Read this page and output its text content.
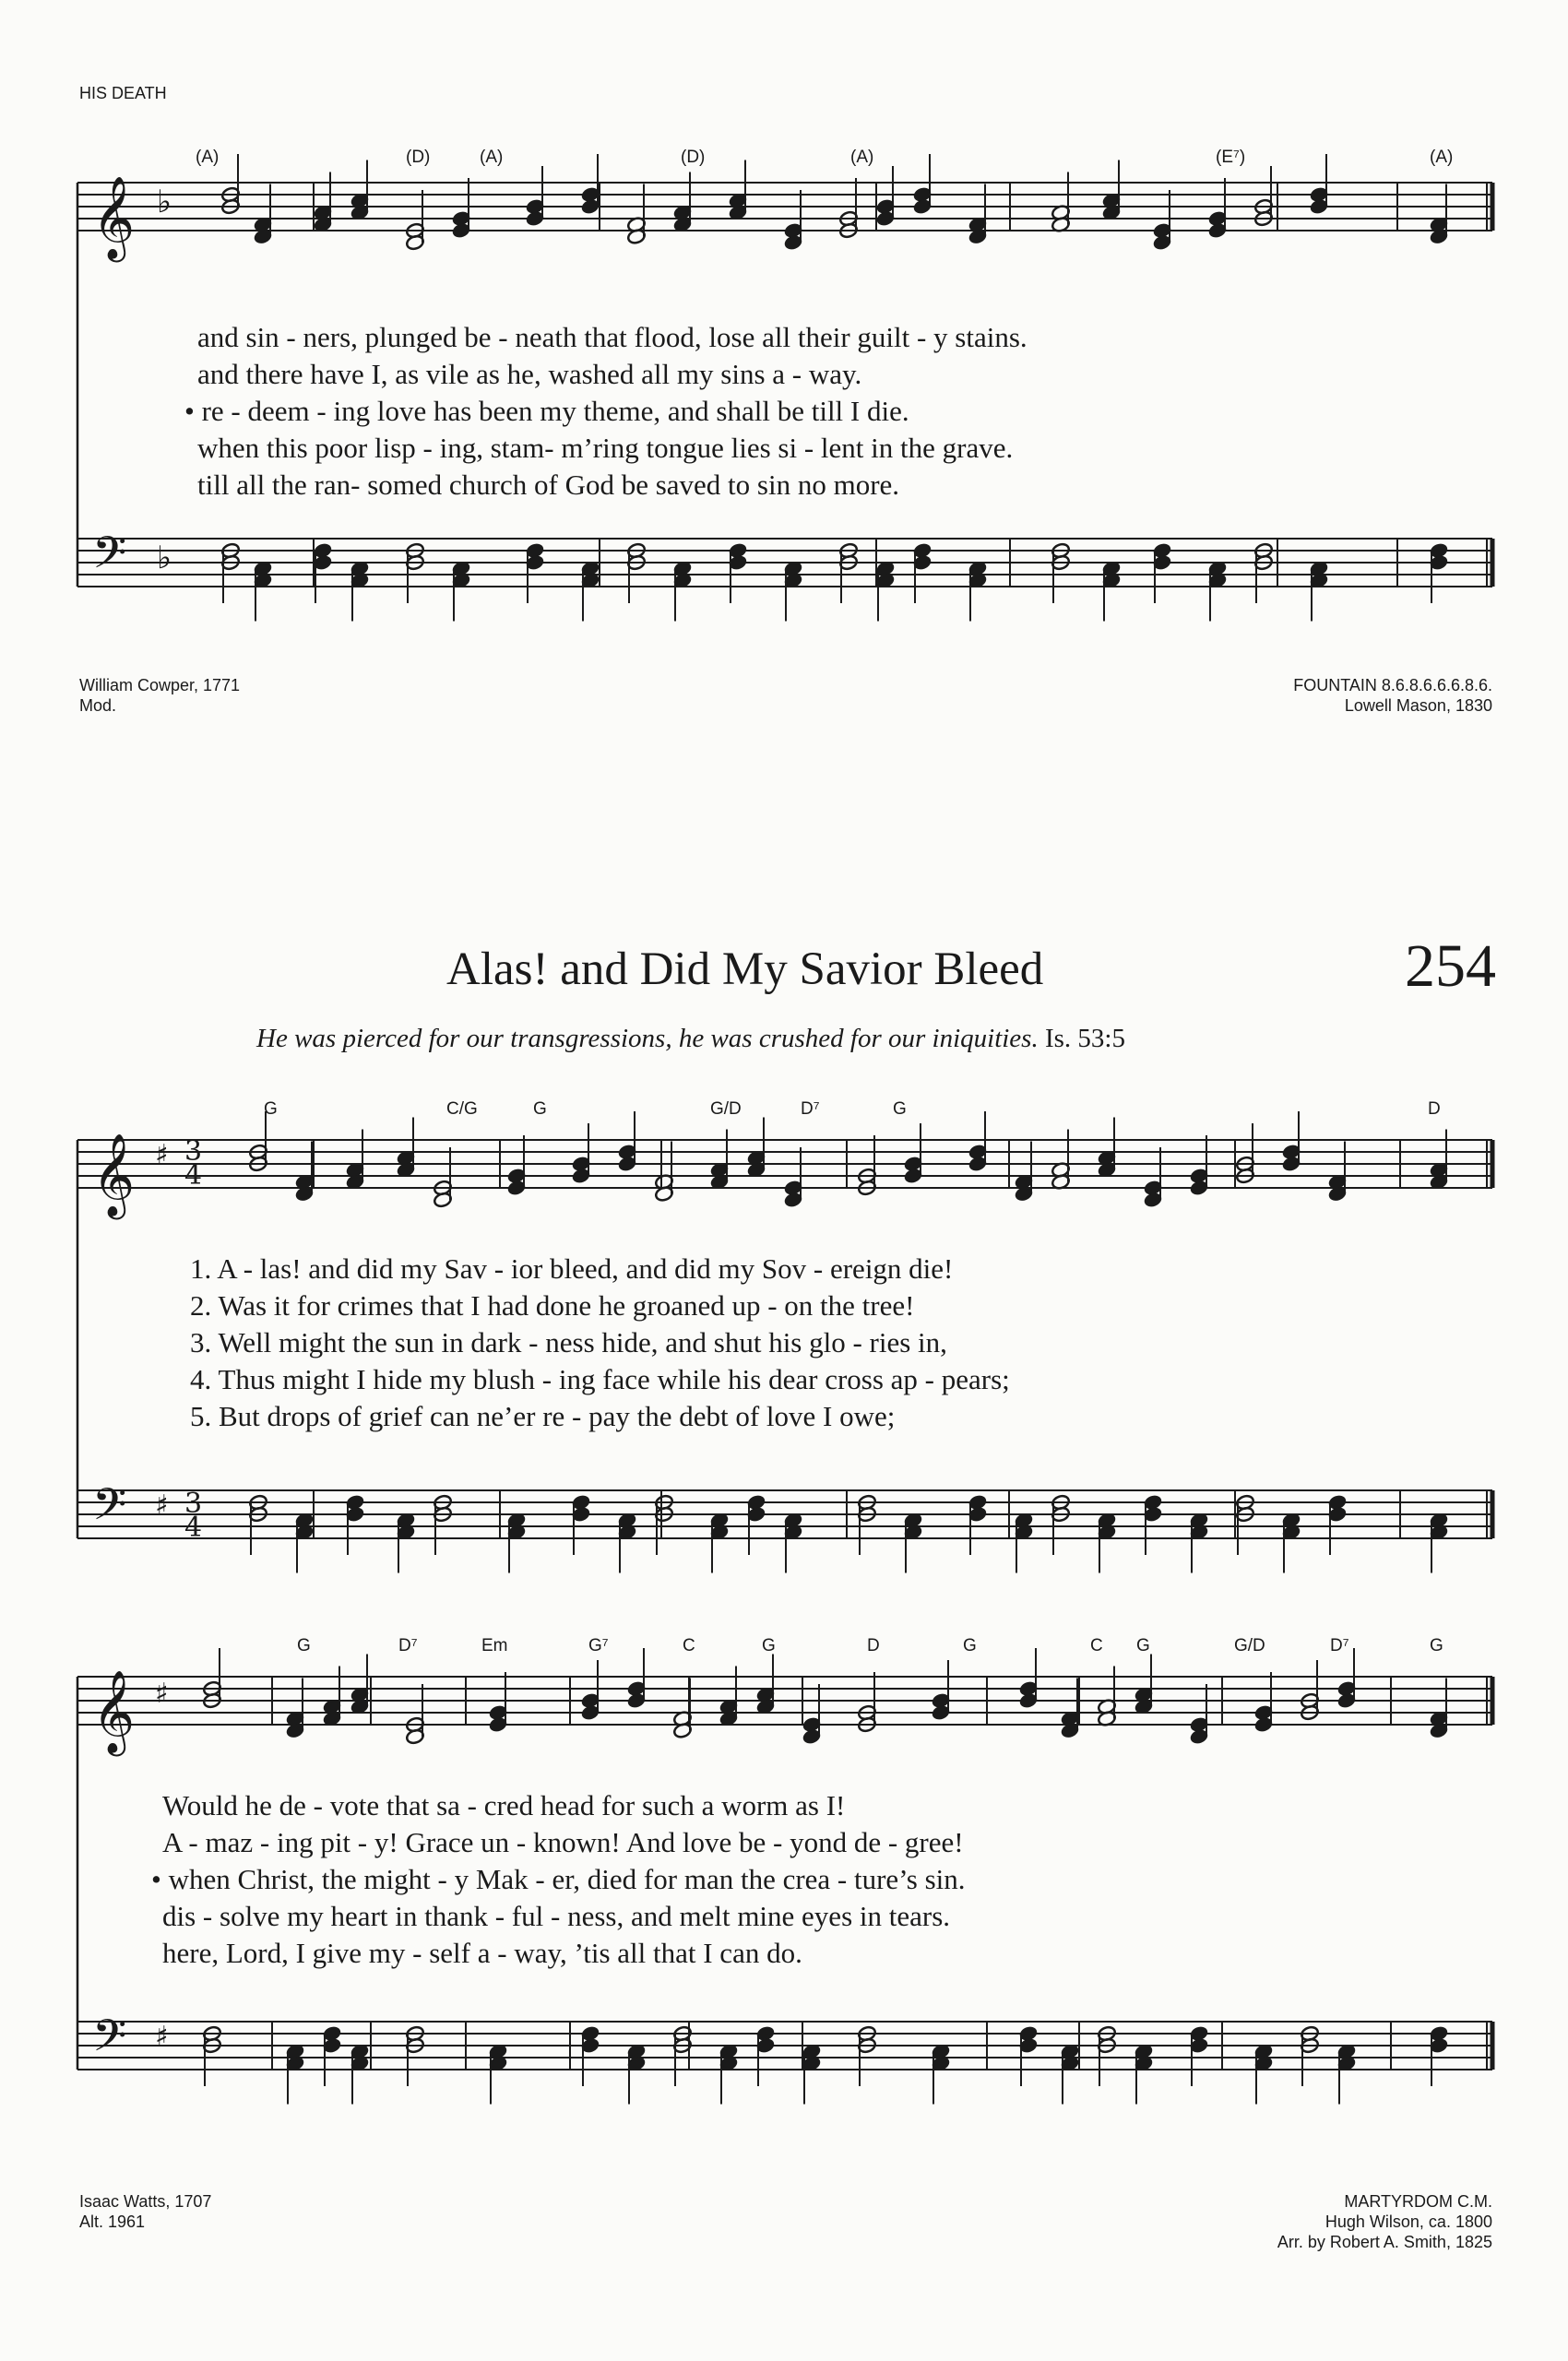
HIS DEATH
𝄞
𝄢
𝄞
𝄢
𝄞
𝄢
♭
♭
♯
♯
♯
♯
3
4
3
4
(A)	(D)	(A)	(D)	(A)	(E⁷)	(A)
and sin - ners, plunged be - neath that flood, lose all their guilt - y stains.
and there have I, as vile as he, washed all my sins a - way.
• re - deem - ing love has been my theme, and shall be till I die.
when this poor lisp - ing, stam- m’ring tongue lies si - lent in the grave.
till all the ran- somed church of God be saved to sin no more.
William Cowper, 1771
Mod.
FOUNTAIN 8.6.8.6.6.6.8.6.
Lowell Mason, 1830
Alas! and Did My Savior Bleed	254
He was pierced for our transgressions, he was crushed for our iniquities. Is. 53:5
G	C/G	G	G/D	D⁷	G	D
1. A - las! and did my Sav - ior bleed, and did my Sov - ereign die!
2. Was it for crimes that I had done he groaned up - on the tree!
3. Well might the sun in dark - ness hide, and shut his glo - ries in,
4. Thus might I hide my blush - ing face while his dear cross ap - pears;
5. But drops of grief can ne’er re - pay the debt of love I owe;
G	D⁷	Em	G⁷	C	G	D	G	C G	G/D	D⁷	G
Would he de - vote that sa - cred head for such a worm as I!
A - maz - ing pit - y! Grace un - known! And love be - yond de - gree!
• when Christ, the might - y Mak - er, died for man the crea - ture’s sin.
dis - solve my heart in thank - ful - ness, and melt mine eyes in tears.
here, Lord, I give my - self a - way, ’tis all that I can do.
Isaac Watts, 1707
Alt. 1961
MARTYRDOM C.M.
Hugh Wilson, ca. 1800
Arr. by Robert A. Smith, 1825
